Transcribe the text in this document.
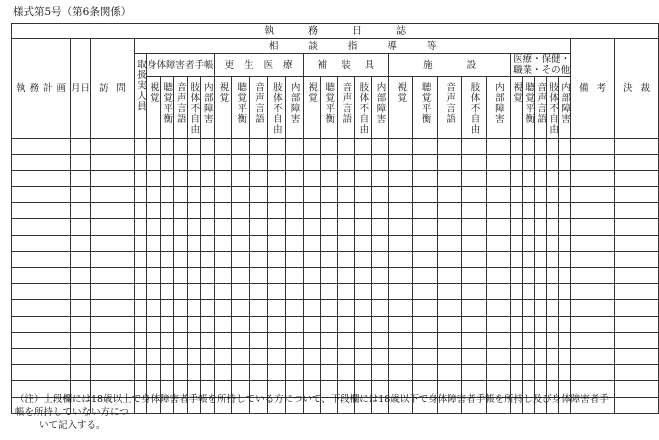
様式第5号（第6条関係）
執務日誌																														
執務計画	月日	訪問	相談指導等																										備考	決裁
			取扱実人員	身体障害者手帳					更生医療					補装具					施設					医療・保健・職業・その他						
				視覚	聴覚平衡	音声言語	肢体不自由	内部障害	視覚	聴覚平衡	音声言語	肢体不自由	内部障害	視覚	聴覚平衡	音声言語	肢体不自由	内部障害	視覚	聴覚平衡	音声言語	肢体不自由	内部障害	視覚	聴覚平衡	音声言語	肢体不自由	内部障害		

（注）上段欄には18歳以上で身体障害者手帳を所持している方について、下段欄には18歳以下で身体障害者手帳を所持し及び身体障害者手帳を所持していない方につ
いて記入する。
